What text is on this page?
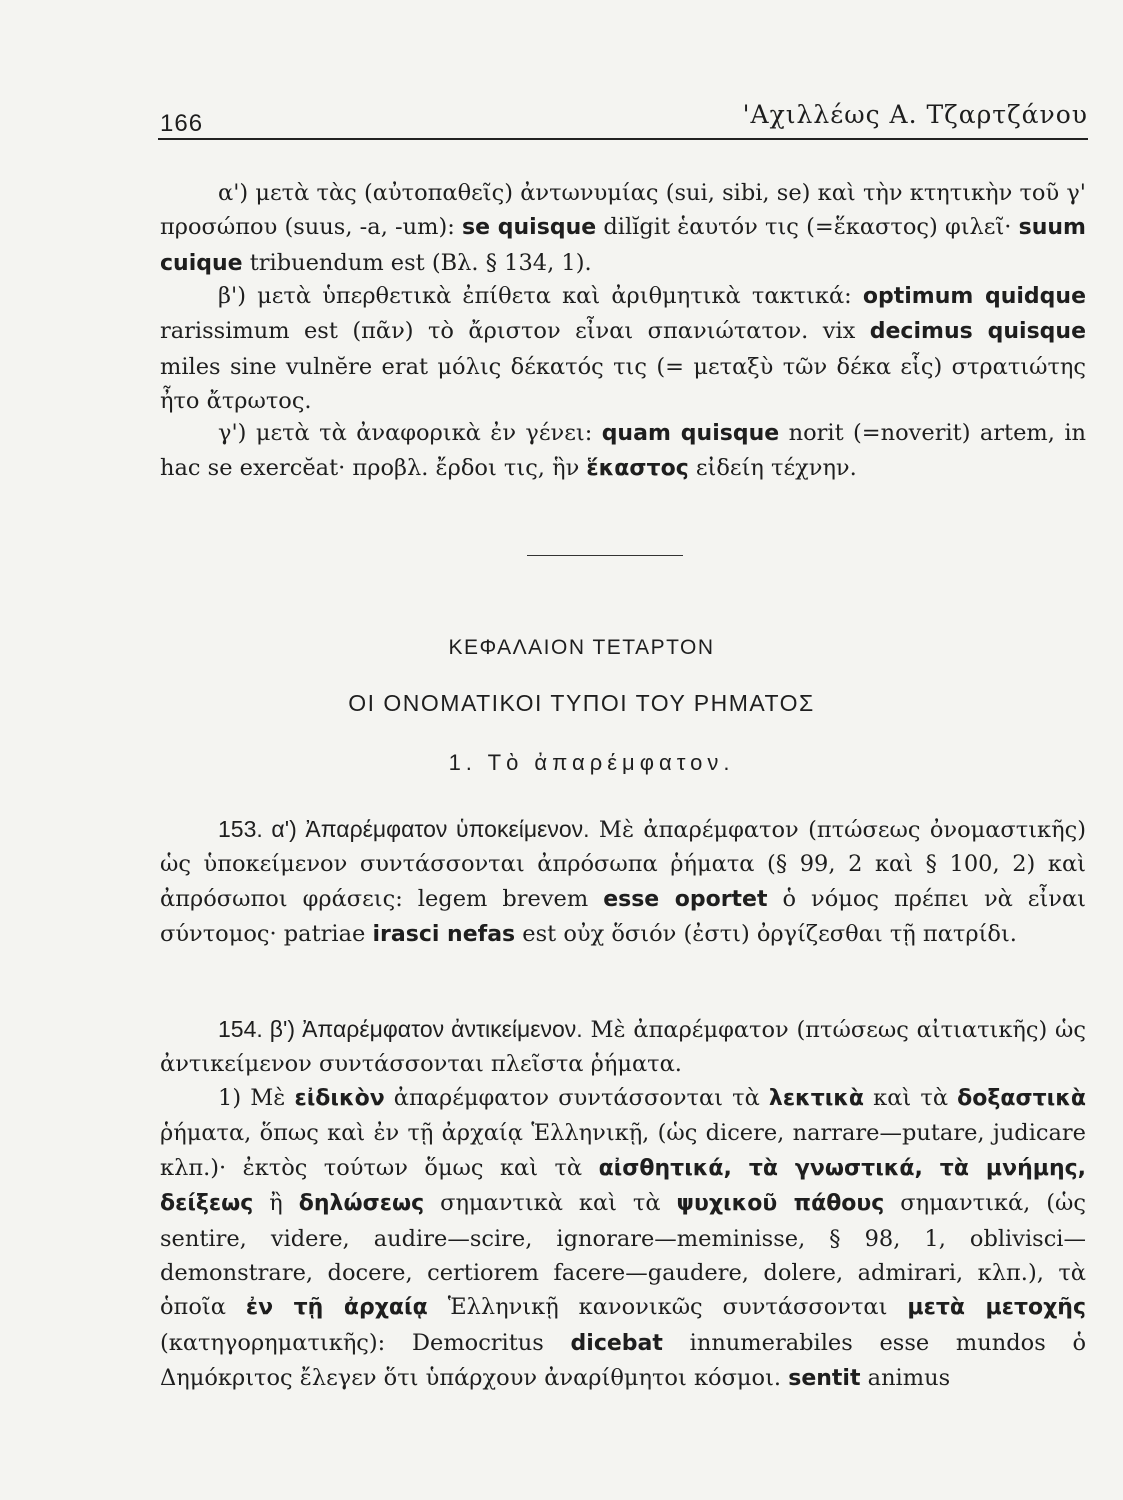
166	'Αχιλλέως Α. Τζαρτζάνου

α') μετὰ τὰς (αὐτοπαθεῖς) ἀντωνυμίας (sui, sibi, se) καὶ τὴν κτητικὴν τοῦ γ' προσώπου (suus, -a, -um): se quisque dilĭgit ἑαυτόν τις (=ἕκαστος) φιλεῖ· suum cuique tribuendum est (Βλ. § 134, 1).

β') μετὰ ὑπερθετικὰ ἐπίθετα καὶ ἀριθμητικὰ τακτικά: optimum quidque rarissimum est (πᾶν) τὸ ἄριστον εἶναι σπανιώτατον. vix decimus quisque miles sine vulnĕre erat μόλις δέκατός τις (= μεταξὺ τῶν δέκα εἷς) στρατιώτης ἦτο ἄτρωτος.

γ') μετὰ τὰ ἀναφορικὰ ἐν γένει: quam quisque norit (=noverit) artem, in hac se exercĕat· προβλ. ἔρδοι τις, ἣν ἕκαστος εἰδείη τέχνην.

ΚΕΦΑΛΑΙΟΝ ΤΕΤΑΡΤΟΝ
ΟΙ ΟΝΟΜΑΤΙΚΟΙ ΤΥΠΟΙ ΤΟΥ ΡΗΜΑΤΟΣ
1. Τὸ ἀπαρέμφατον.

153. α') Ἀπαρέμφατον ὑποκείμενον. Μὲ ἀπαρέμφατον (πτώσεως ὀνομαστικῆς) ὡς ὑποκείμενον συντάσσονται ἀπρόσωπα ῥήματα (§ 99, 2 καὶ § 100, 2) καὶ ἀπρόσωποι φράσεις: legem brevem esse oportet ὁ νόμος πρέπει νὰ εἶναι σύντομος· patriae irasci nefas est οὐχ ὅσιόν (ἐστι) ὀργίζεσθαι τῇ πατρίδι.

154. β') Ἀπαρέμφατον ἀντικείμενον. Μὲ ἀπαρέμφατον (πτώσεως αἰτιατικῆς) ὡς ἀντικείμενον συντάσσονται πλεῖστα ῥήματα.

1) Μὲ εἰδικὸν ἀπαρέμφατον συντάσσονται τὰ λεκτικὰ καὶ τὰ δοξαστικὰ ῥήματα, ὅπως καὶ ἐν τῇ ἀρχαίᾳ Ἑλληνικῇ, (ὡς dicere, narrare—putare, judicare κλπ.)· ἐκτὸς τούτων ὅμως καὶ τὰ αἰσθητικά, τὰ γνωστικά, τὰ μνήμης, δείξεως ἢ δηλώσεως σημαντικὰ καὶ τὰ ψυχικοῦ πάθους σημαντικά, (ὡς sentire, videre, audire—scire, ignorare—meminisse, § 98, 1, oblivisci—demonstrare, docere, certiorem facere—gaudere, dolere, admirari, κλπ.), τὰ ὁποῖα ἐν τῇ ἀρχαίᾳ Ἑλληνικῇ κανονικῶς συντάσσονται μετὰ μετοχῆς (κατηγορηματικῆς): Democritus dicebat innumerabiles esse mundos ὁ Δημόκριτος ἔλεγεν ὅτι ὑπάρχουν ἀναρίθμητοι κόσμοι. sentit animus
